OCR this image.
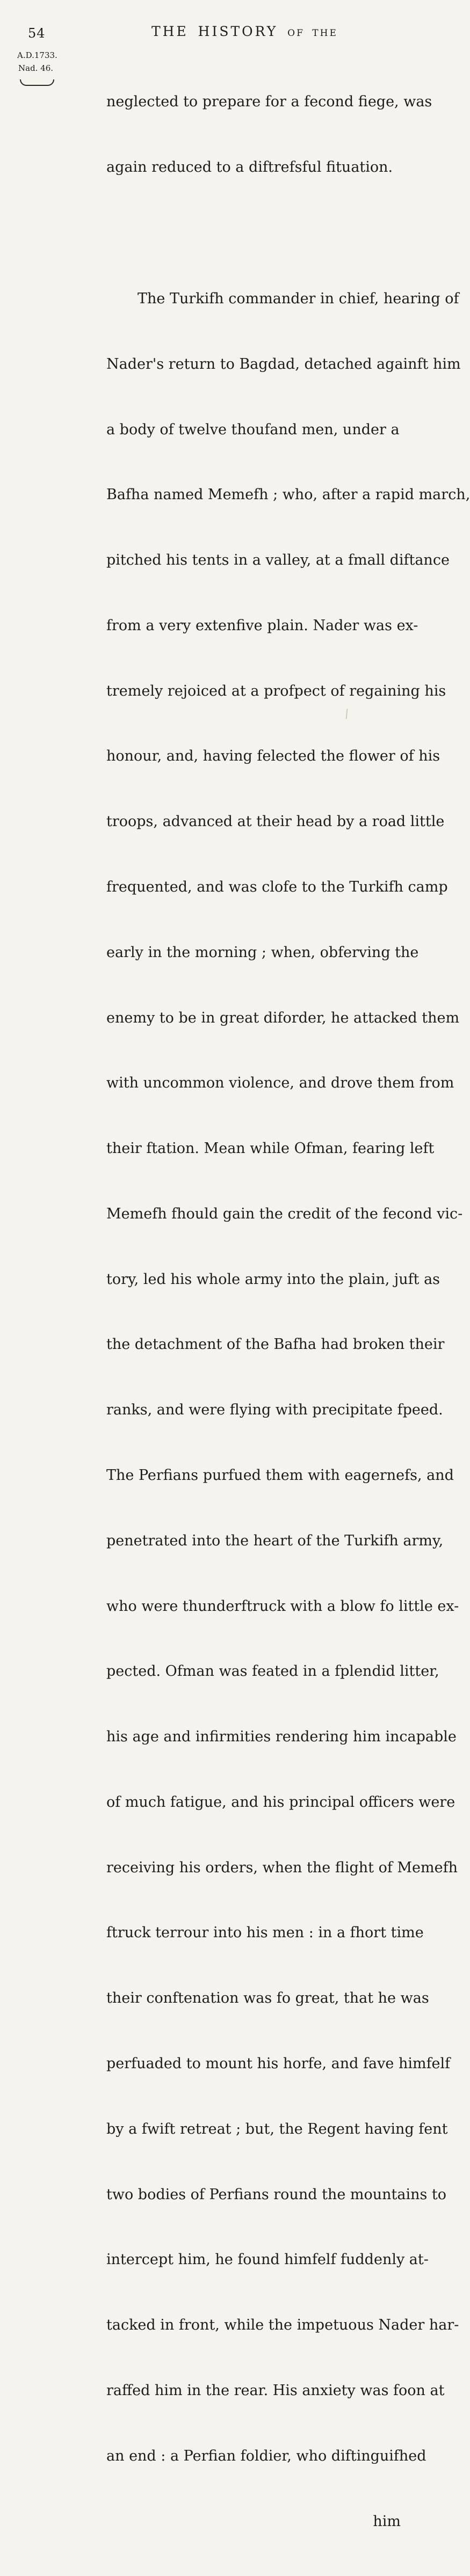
54	THE HISTORY OF THE
A.D.1733.
Nad. 46.

neglected to prepare for a fecond fiege, was

again reduced to a diftrefsful fituation.

The Turkifh commander in chief, hearing of

Nader's return to Bagdad, detached againft him

a body of twelve thoufand men, under a

Bafha named Memefh ; who, after a rapid march,

pitched his tents in a valley, at a fmall diftance

from a very extenfive plain. Nader was ex-

tremely rejoiced at a profpect of regaining his

honour, and, having felected the flower of his

troops, advanced at their head by a road little

frequented, and was clofe to the Turkifh camp

early in the morning ; when, obferving the

enemy to be in great diforder, he attacked them

with uncommon violence, and drove them from

their ftation. Mean while Ofman, fearing left

Memefh fhould gain the credit of the fecond vic-

tory, led his whole army into the plain, juft as

the detachment of the Bafha had broken their

ranks, and were flying with precipitate fpeed.

The Perfians purfued them with eagernefs, and

penetrated into the heart of the Turkifh army,

who were thunderftruck with a blow fo little ex-

pected. Ofman was feated in a fplendid litter,

his age and infirmities rendering him incapable

of much fatigue, and his principal officers were

receiving his orders, when the flight of Memefh

ftruck terrour into his men : in a fhort time

their conftenation was fo great, that he was

perfuaded to mount his horfe, and fave himfelf

by a fwift retreat ; but, the Regent having fent

two bodies of Perfians round the mountains to

intercept him, he found himfelf fuddenly at-

tacked in front, while the impetuous Nader har-

raffed him in the rear. His anxiety was foon at

an end : a Perfian foldier, who diftinguifhed

him

/
